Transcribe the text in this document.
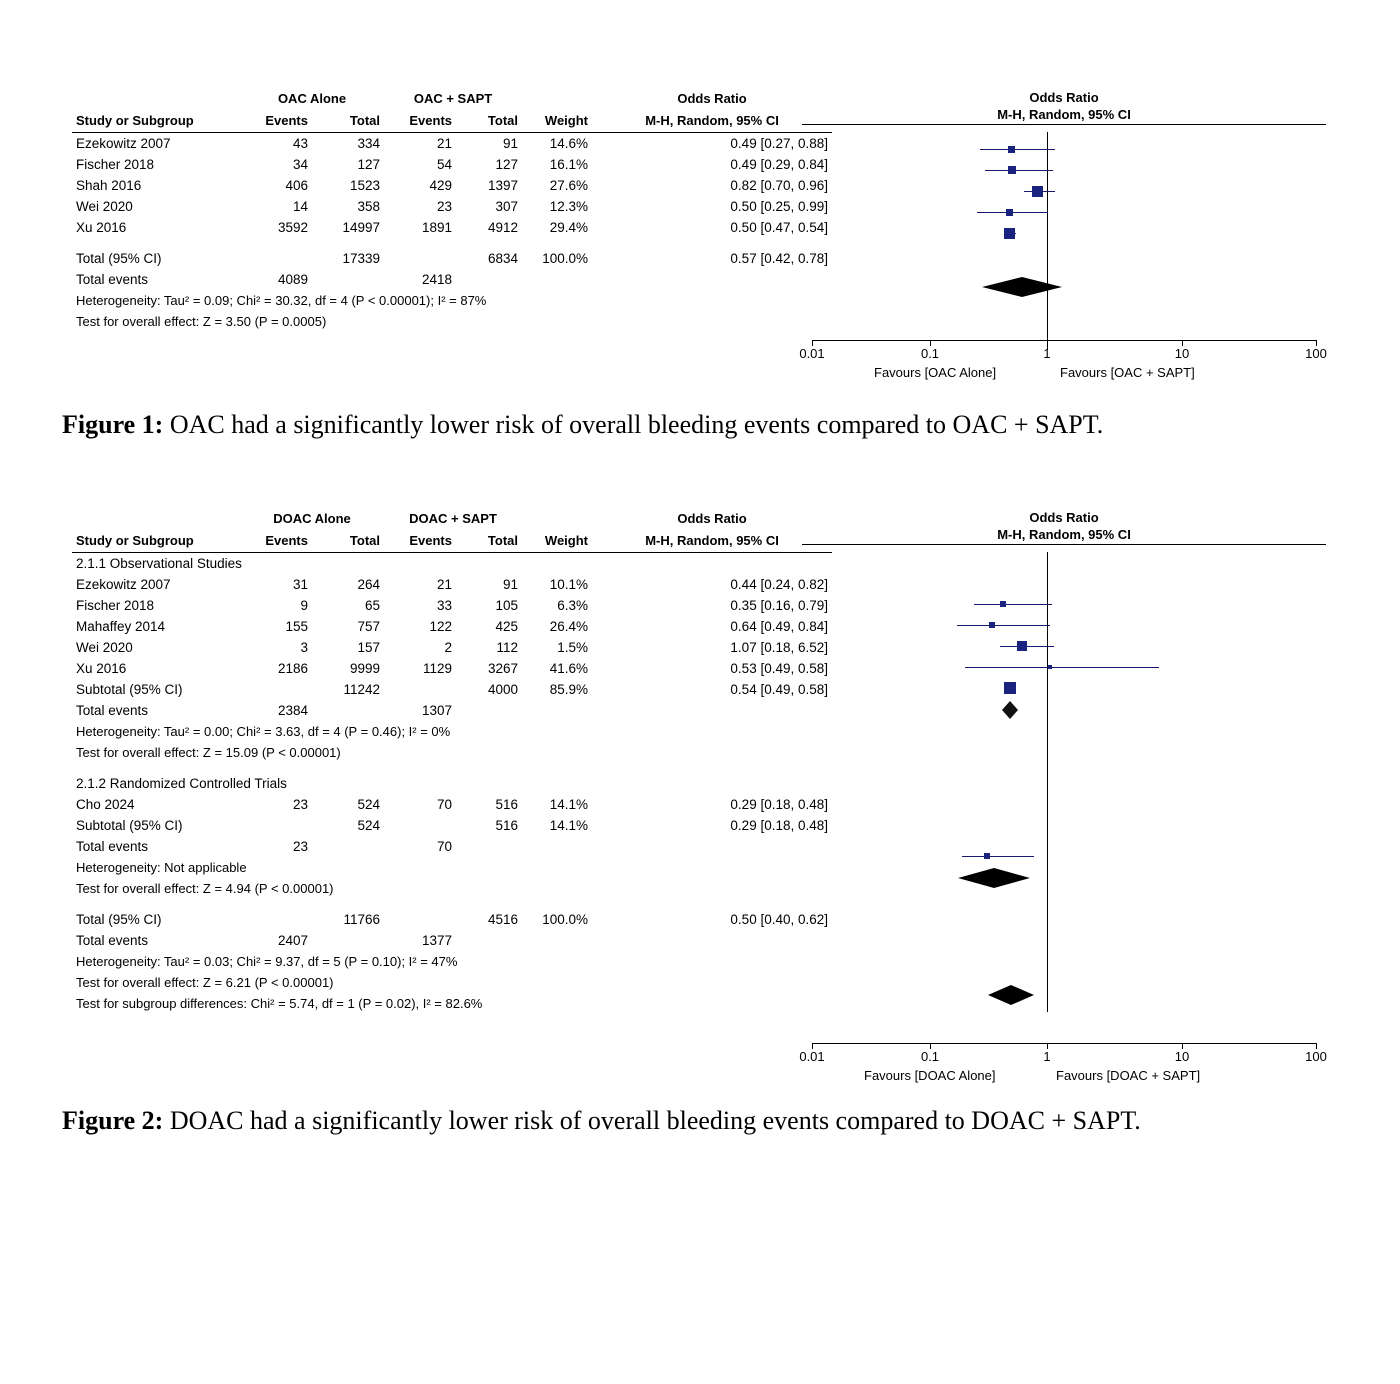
	OAC Alone		OAC + SAPT			Odds Ratio
Study or Subgroup	Events	Total	Events	Total	Weight	M-H, Random, 95% CI
Ezekowitz 2007	43	334	21	91	14.6%	0.49 [0.27, 0.88]
Fischer 2018	34	127	54	127	16.1%	0.49 [0.29, 0.84]
Shah 2016	406	1523	429	1397	27.6%	0.82 [0.70, 0.96]
Wei 2020	14	358	23	307	12.3%	0.50 [0.25, 0.99]
Xu 2016	3592	14997	1891	4912	29.4%	0.50 [0.47, 0.54]

Total (95% CI)		17339		6834	100.0%	0.57 [0.42, 0.78]
Total events	4089		2418			
Heterogeneity: Tau² = 0.09; Chi² = 30.32, df = 4 (P < 0.00001); I² = 87%						
Test for overall effect: Z = 3.50 (P = 0.0005)						
Odds Ratio
M-H, Random, 95% CI
0.01	0.1	1	10	100
Favours [OAC Alone]	Favours [OAC + SAPT]
Figure 1: OAC had a significantly lower risk of overall bleeding events compared to OAC + SAPT.
	DOAC Alone		DOAC + SAPT			Odds Ratio
Study or Subgroup	Events	Total	Events	Total	Weight	M-H, Random, 95% CI
2.1.1 Observational Studies						
Ezekowitz 2007	31	264	21	91	10.1%	0.44 [0.24, 0.82]
Fischer 2018	9	65	33	105	6.3%	0.35 [0.16, 0.79]
Mahaffey 2014	155	757	122	425	26.4%	0.64 [0.49, 0.84]
Wei 2020	3	157	2	112	1.5%	1.07 [0.18, 6.52]
Xu 2016	2186	9999	1129	3267	41.6%	0.53 [0.49, 0.58]
Subtotal (95% CI)		11242		4000	85.9%	0.54 [0.49, 0.58]
Total events	2384		1307			
Heterogeneity: Tau² = 0.00; Chi² = 3.63, df = 4 (P = 0.46); I² = 0%						
Test for overall effect: Z = 15.09 (P < 0.00001)						

2.1.2 Randomized Controlled Trials						
Cho 2024	23	524	70	516	14.1%	0.29 [0.18, 0.48]
Subtotal (95% CI)		524		516	14.1%	0.29 [0.18, 0.48]
Total events	23		70			
Heterogeneity: Not applicable						
Test for overall effect: Z = 4.94 (P < 0.00001)						

Total (95% CI)		11766		4516	100.0%	0.50 [0.40, 0.62]
Total events	2407		1377			
Heterogeneity: Tau² = 0.03; Chi² = 9.37, df = 5 (P = 0.10); I² = 47%						
Test for overall effect: Z = 6.21 (P < 0.00001)						
Test for subgroup differences: Chi² = 5.74, df = 1 (P = 0.02), I² = 82.6%						
Odds Ratio
M-H, Random, 95% CI
0.01	0.1	1	10	100
Favours [DOAC Alone]	Favours [DOAC + SAPT]
Figure 2: DOAC had a significantly lower risk of overall bleeding events compared to DOAC + SAPT.
